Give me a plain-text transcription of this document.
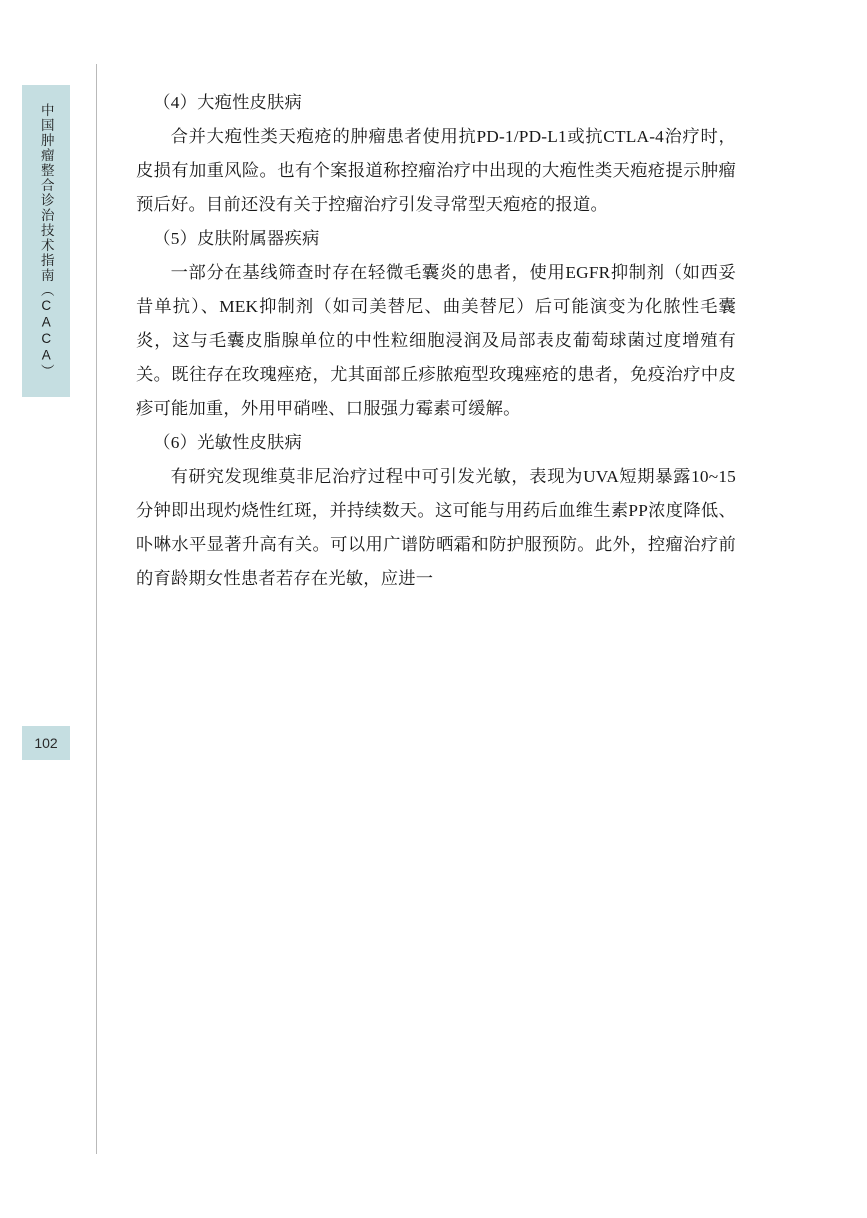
中国肿瘤整合诊治技术指南（CACA）
102

（4）大疱性皮肤病

合并大疱性类天疱疮的肿瘤患者使用抗PD-1/PD-L1或抗CTLA-4治疗时，皮损有加重风险。也有个案报道称控瘤治疗中出现的大疱性类天疱疮提示肿瘤预后好。目前还没有关于控瘤治疗引发寻常型天疱疮的报道。

（5）皮肤附属器疾病

一部分在基线筛查时存在轻微毛囊炎的患者，使用EGFR抑制剂（如西妥昔单抗）、MEK抑制剂（如司美替尼、曲美替尼）后可能演变为化脓性毛囊炎，这与毛囊皮脂腺单位的中性粒细胞浸润及局部表皮葡萄球菌过度增殖有关。既往存在玫瑰痤疮，尤其面部丘疹脓疱型玫瑰痤疮的患者，免疫治疗中皮疹可能加重，外用甲硝唑、口服强力霉素可缓解。

（6）光敏性皮肤病

有研究发现维莫非尼治疗过程中可引发光敏，表现为UVA短期暴露10~15分钟即出现灼烧性红斑，并持续数天。这可能与用药后血维生素PP浓度降低、卟啉水平显著升高有关。可以用广谱防晒霜和防护服预防。此外，控瘤治疗前的育龄期女性患者若存在光敏，应进一
